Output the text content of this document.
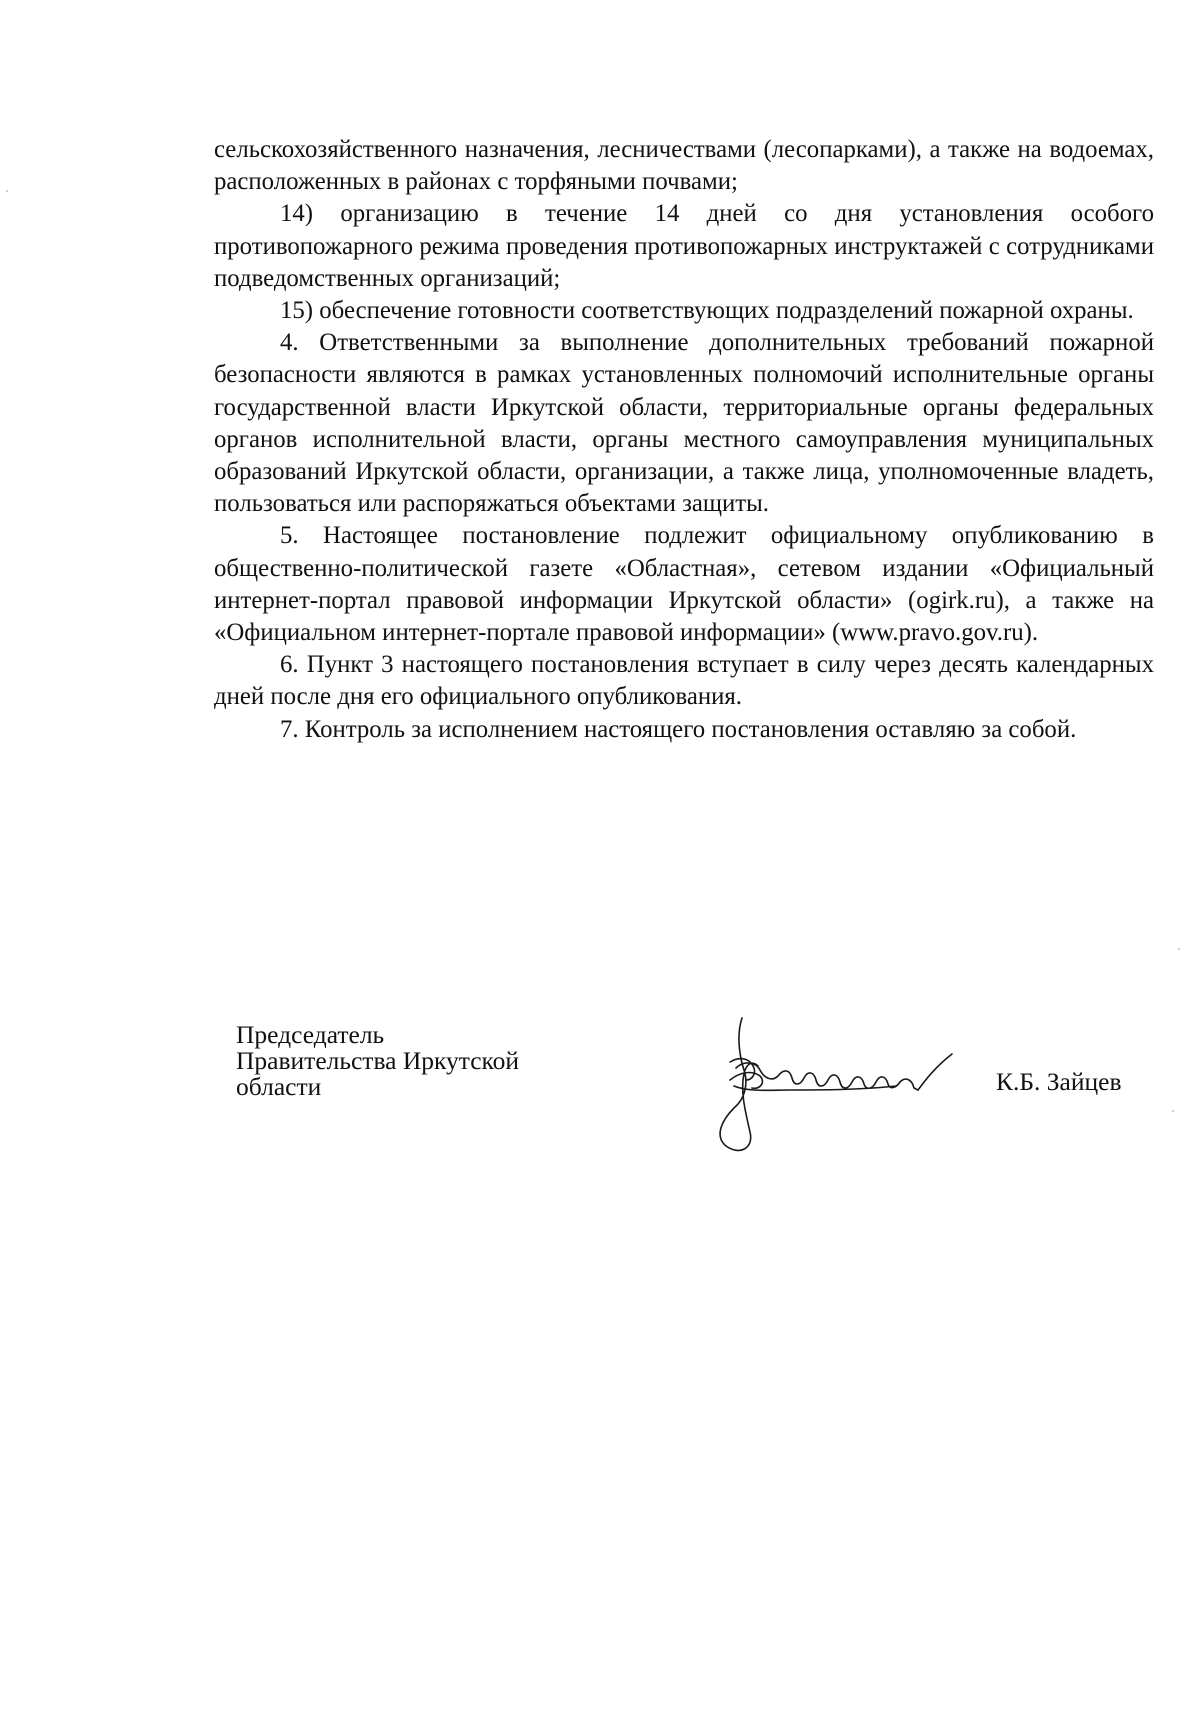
сельскохозяйственного назначения, лесничествами (лесопарками), а также на водоемах, расположенных в районах с торфяными почвами;

14) организацию в течение 14 дней со дня установления особого противопожарного режима проведения противопожарных инструктажей с сотрудниками подведомственных организаций;

15) обеспечение готовности соответствующих подразделений пожарной охраны.

4. Ответственными за выполнение дополнительных требований пожарной безопасности являются в рамках установленных полномочий исполнительные органы государственной власти Иркутской области, территориальные органы федеральных органов исполнительной власти, органы местного самоуправления муниципальных образований Иркутской области, организации, а также лица, уполномоченные владеть, пользоваться или распоряжаться объектами защиты.

5. Настоящее постановление подлежит официальному опубликованию в общественно-политической газете «Областная», сетевом издании «Официальный интернет-портал правовой информации Иркутской области» (ogirk.ru), а также на «Официальном интернет-портале правовой информации» (www.pravo.gov.ru).

6. Пункт 3 настоящего постановления вступает в силу через десять календарных дней после дня его официального опубликования.

7. Контроль за исполнением настоящего постановления оставляю за собой.

Председатель
Правительства Иркутской
области	К.Б. Зайцев
